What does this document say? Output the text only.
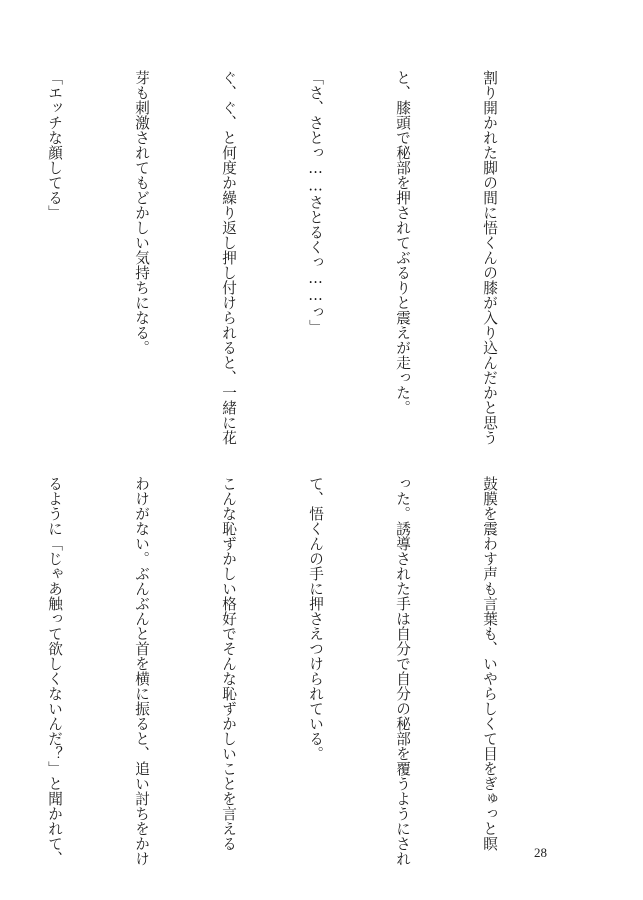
割り開かれた脚の間に悟くんの膝が入り込んだかと思う

と、膝頭で秘部を押されてぶるりと震えが走った。

「さ、さとっ……さとるくっ……っ」

ぐ、ぐ、と何度か繰り返し押し付けられると、一緒に花

芽も刺激されてもどかしい気持ちになる。

「エッチな顔してる」

鼓膜を震わす声も言葉も、いやらしくて目をぎゅっと瞑

った。誘導された手は自分で自分の秘部を覆うようにされ

て、悟くんの手に押さえつけられている。

こんな恥ずかしい格好でそんな恥ずかしいことを言える

わけがない。ぶんぶんと首を横に振ると、追い討ちをかけ

るように「じゃあ触って欲しくないんだ？」と聞かれて、

	28
